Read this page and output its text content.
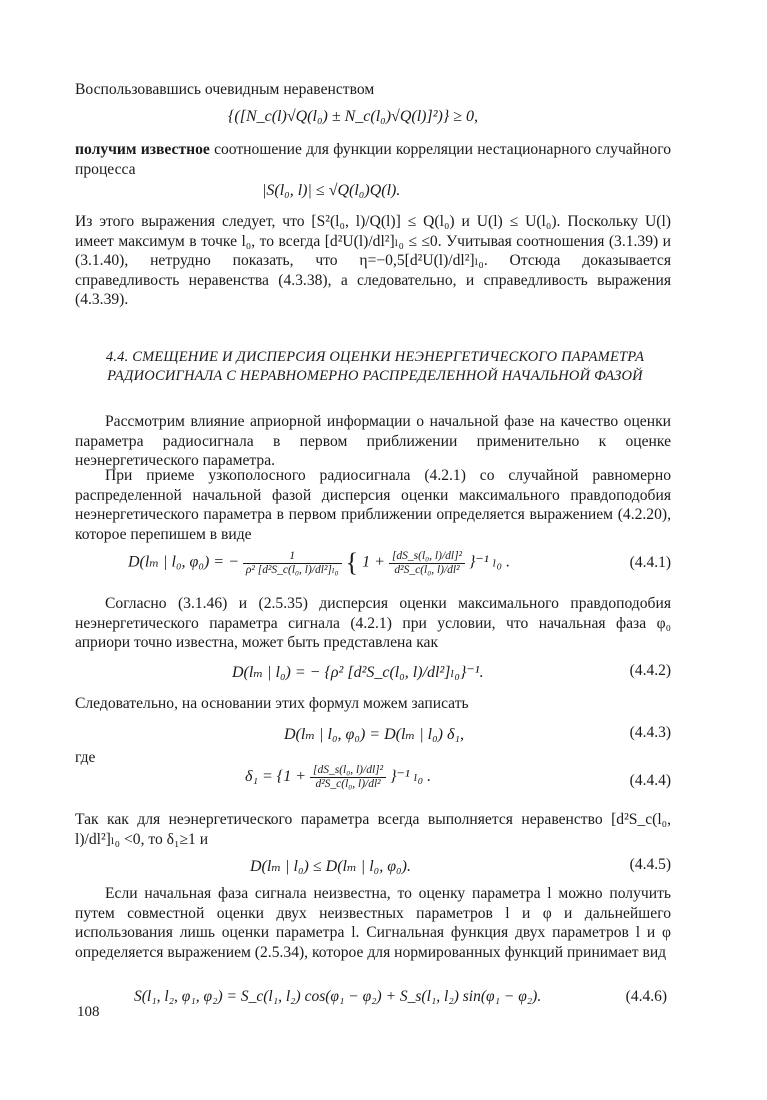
Воспользовавшись очевидным неравенством

{([N_c(l)√Q(l₀) ± N_c(l₀)√Q(l)]²)} ≥ 0,

получим известное соотношение для функции корреляции нестационарного случайного процесса

|S(l₀, l)| ≤ √Q(l₀)Q(l).

Из этого выражения следует, что [S²(l₀, l)/Q(l)] ≤ Q(l₀) и U(l) ≤ U(l₀). Поскольку U(l) имеет максимум в точке l₀, то всегда [d²U(l)/dl²]ₗ₀ ≤ ≤0. Учитывая соотношения (3.1.39) и (3.1.40), нетрудно показать, что η=−0,5[d²U(l)/dl²]ₗ₀. Отсюда доказывается справедливость неравенства (4.3.38), а следовательно, и справедливость выражения (4.3.39).

4.4. СМЕЩЕНИЕ И ДИСПЕРСИЯ ОЦЕНКИ НЕЭНЕРГЕТИЧЕСКОГО ПАРАМЕТРА РАДИОСИГНАЛА С НЕРАВНОМЕРНО РАСПРЕДЕЛЕННОЙ НАЧАЛЬНОЙ ФАЗОЙ

Рассмотрим влияние априорной информации о начальной фазе на качество оценки параметра радиосигнала в первом приближении применительно к оценке неэнергетического параметра.

При приеме узкополосного радиосигнала (4.2.1) со случайной равномерно распределенной начальной фазой дисперсия оценки максимального правдоподобия неэнергетического параметра в первом приближении определяется выражением (4.2.20), которое перепишем в виде

D(lₘ | l₀, φ₀) = − $\frac{1}{\text{ρ² [d²S\_c(l₀, l)/dl²]ₗ₀}}$ { $1 + \frac{\text{[dS\_s(l₀, l)/dl]²}}{\text{d²S\_c(l₀, l)/dl²}} \}^{-1}$ ₗ₀ .	(4.4.1)

Согласно (3.1.46) и (2.5.35) дисперсия оценки максимального правдоподобия неэнергетического параметра сигнала (4.2.1) при условии, что начальная фаза φ₀ априори точно известна, может быть представлена как

D(lₘ | l₀) = − {ρ² [d²S_c(l₀, l)/dl²]ₗ₀}⁻¹.	(4.4.2)

Следовательно, на основании этих формул можем записать

D(lₘ | l₀, φ₀) = D(lₘ | l₀) δ₁,	(4.4.3)

где

$\delta_1 = \{1 + \frac{\text{[dS\_s(l₀, l)/dl]²}}{\text{d²S\_c(l₀, l)/dl²}} \}^{-1}$ ₗ₀ .	(4.4.4)

Так как для неэнергетического параметра всегда выполняется неравенство [d²S_c(l₀, l)/dl²]ₗ₀ <0, то δ₁≥1 и

D(lₘ | l₀) ≤ D(lₘ | l₀, φ₀).	(4.4.5)

Если начальная фаза сигнала неизвестна, то оценку параметра l можно получить путем совместной оценки двух неизвестных параметров l и φ и дальнейшего использования лишь оценки параметра l. Сигнальная функция двух параметров l и φ определяется выражением (2.5.34), которое для нормированных функций принимает вид

S(l₁, l₂, φ₁, φ₂) = S_c(l₁, l₂) cos(φ₁ − φ₂) + S_s(l₁, l₂) sin(φ₁ − φ₂).	(4.4.6)
108
